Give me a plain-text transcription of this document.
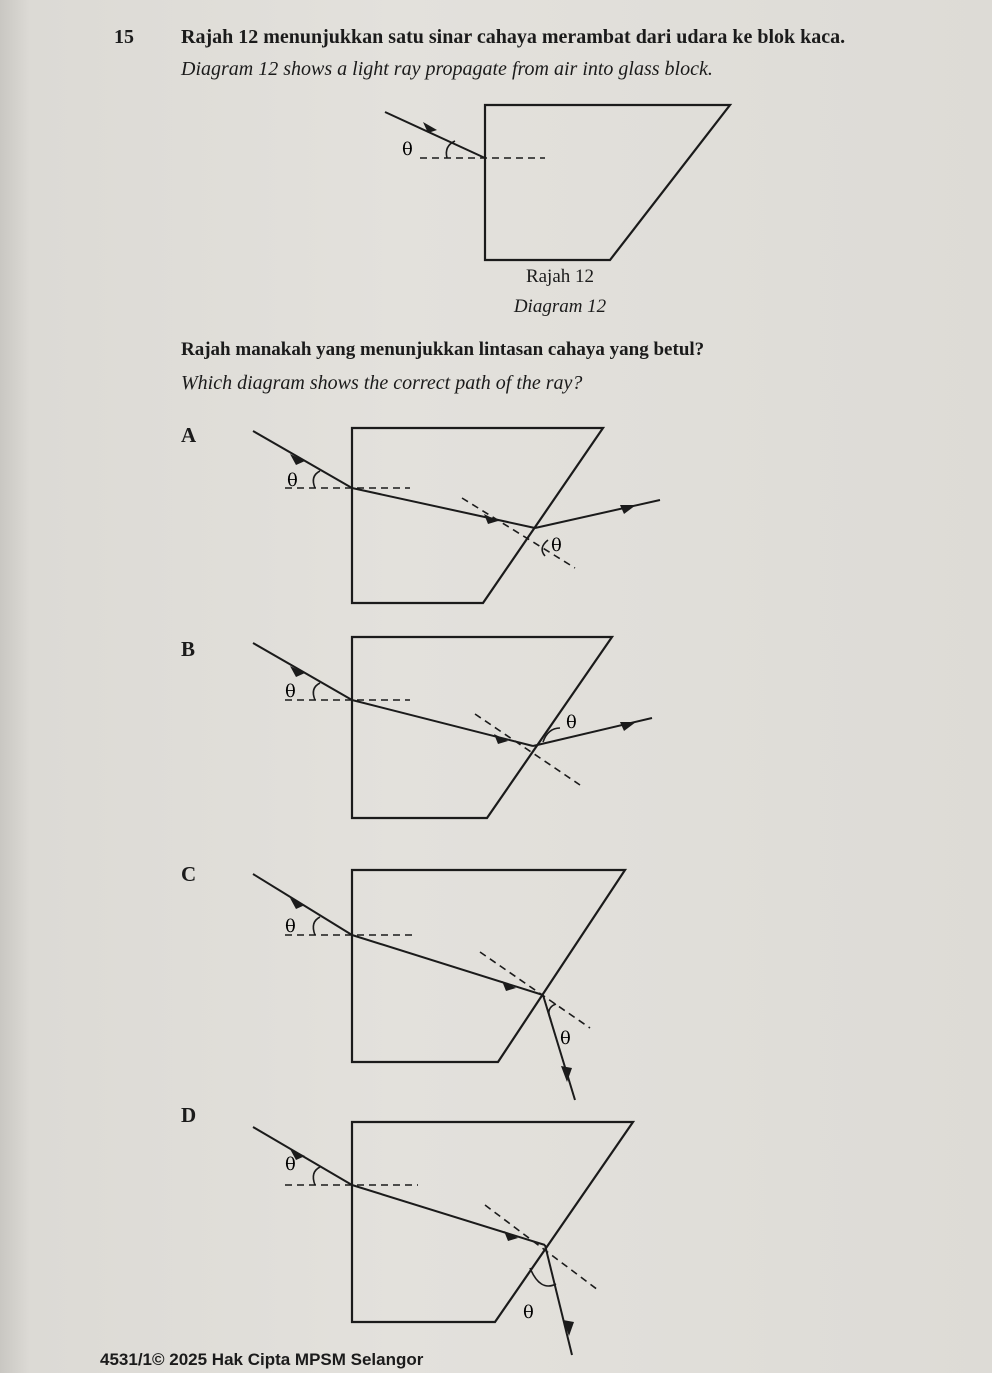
15 Rajah 12 menunjukkan satu sinar cahaya merambat dari udara ke blok kaca.
Diagram 12 shows a light ray propagate from air into glass block.
θ
Rajah 12
Diagram 12
Rajah manakah yang menunjukkan lintasan cahaya yang betul?
Which diagram shows the correct path of the ray?
A
θ
θ
B
θ
θ
C
θ
θ
D
θ
θ
4531/1© 2025 Hak Cipta MPSM Selangor
